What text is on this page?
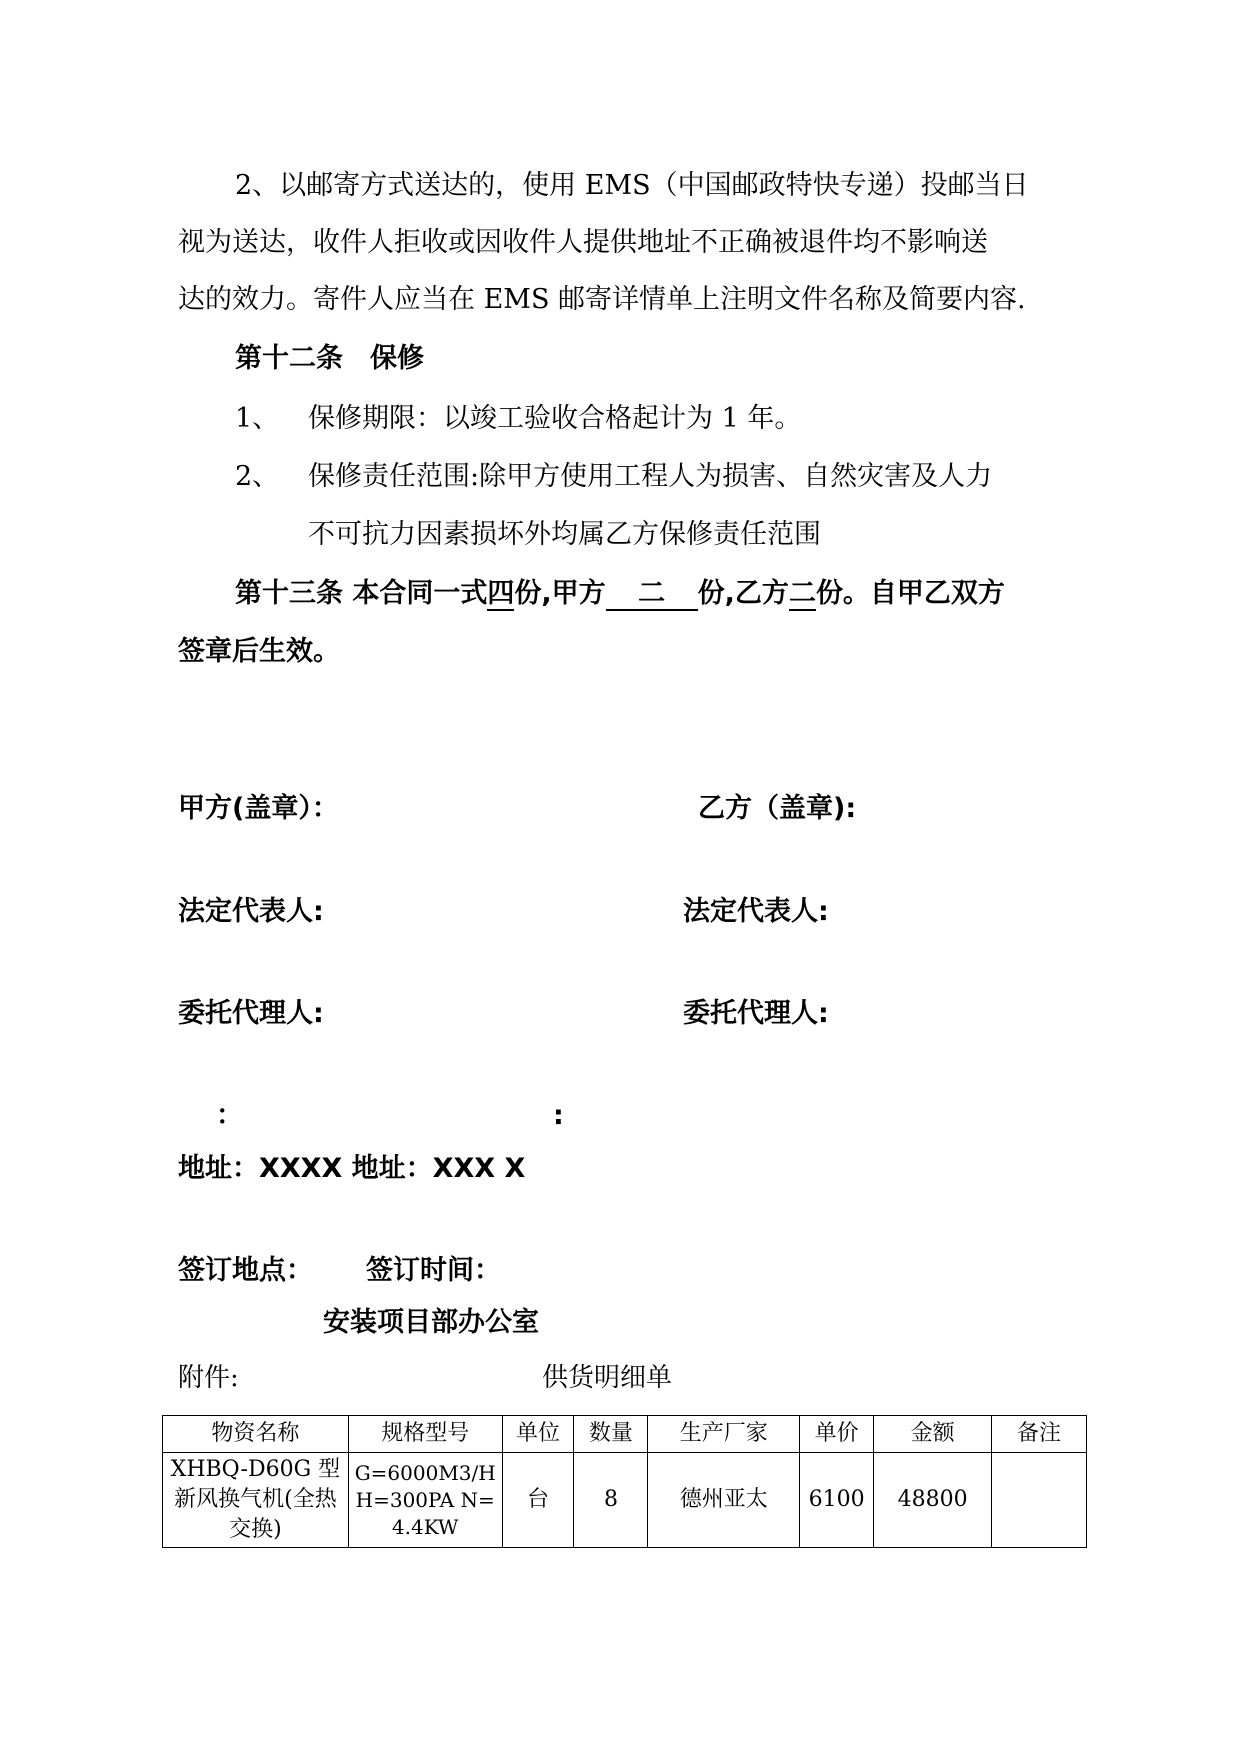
2、以邮寄方式送达的，使用 EMS（中国邮政特快专递）投邮当日
视为送达，收件人拒收或因收件人提供地址不正确被退件均不影响送
达的效力。寄件人应当在 EMS 邮寄详情单上注明文件名称及简要内容.
第十二条　保修
1、 保修期限：以竣工验收合格起计为 1 年。
2、 保修责任范围:除甲方使用工程人为损害、自然灾害及人力
不可抗力因素损坏外均属乙方保修责任范围
第十三条 本合同一式四份,甲方 二 份,乙方二份。自甲乙双方
签章后生效。
甲方(盖章）：	乙方（盖章):
法定代表人:	法定代表人:
委托代理人:	委托代理人:
：	:
地址：XXXX 地址：XXX X
签订地点： 签订时间：
安装项目部办公室
附件:	供货明细单
物资名称	规格型号	单位	数量	生产厂家	单价	金额	备注
XHBQ-D60G 型新风换气机(全热交换)	G=6000M3/H H=300PA N=4.4KW	台	8	德州亚太	6100	48800	
